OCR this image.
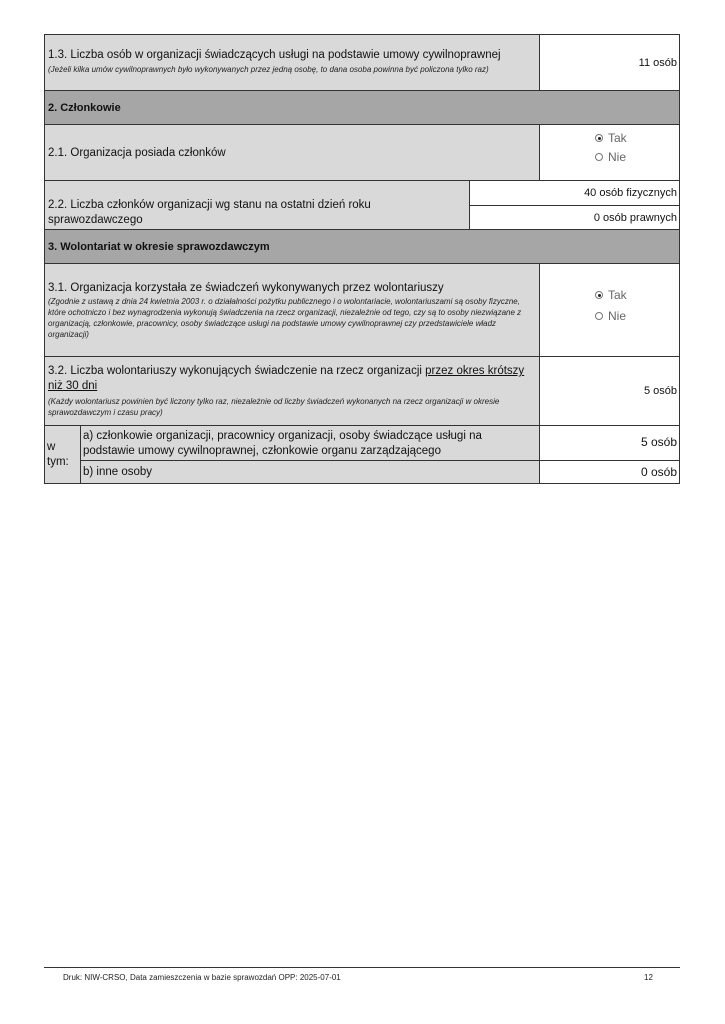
1.3. Liczba osób w organizacji świadczących usługi na podstawie umowy cywilnoprawnej
(Jeżeli kilka umów cywilnoprawnych było wykonywanych przez jedną osobę, to dana osoba powinna być policzona tylko raz)
11 osób
2. Członkowie
2.1. Organizacja posiada członków
Tak
Nie
2.2. Liczba członków organizacji wg stanu na ostatni dzień roku sprawozdawczego
40 osób fizycznych
0 osób prawnych
3. Wolontariat w okresie sprawozdawczym
3.1. Organizacja korzystała ze świadczeń wykonywanych przez wolontariuszy
(Zgodnie z ustawą z dnia 24 kwietnia 2003 r. o działalności pożytku publicznego i o wolontariacie, wolontariuszami są osoby fizyczne, które ochotniczo i bez wynagrodzenia wykonują świadczenia na rzecz organizacji, niezależnie od tego, czy są to osoby niezwiązane z organizacją, członkowie, pracownicy, osoby świadczące usługi na podstawie umowy cywilnoprawnej czy przedstawiciele władz organizacji)
Tak
Nie
3.2. Liczba wolontariuszy wykonujących świadczenie na rzecz organizacji przez okres krótszy niż 30 dni
(Każdy wolontariusz powinien być liczony tylko raz, niezależnie od liczby świadczeń wykonanych na rzecz organizacji w okresie sprawozdawczym i czasu pracy)
5 osób
w tym:
a) członkowie organizacji, pracownicy organizacji, osoby świadczące usługi na podstawie umowy cywilnoprawnej, członkowie organu zarządzającego
5 osób
b) inne osoby	0 osób
Druk: NIW-CRSO, Data zamieszczenia w bazie sprawozdań OPP: 2025-07-01	12
